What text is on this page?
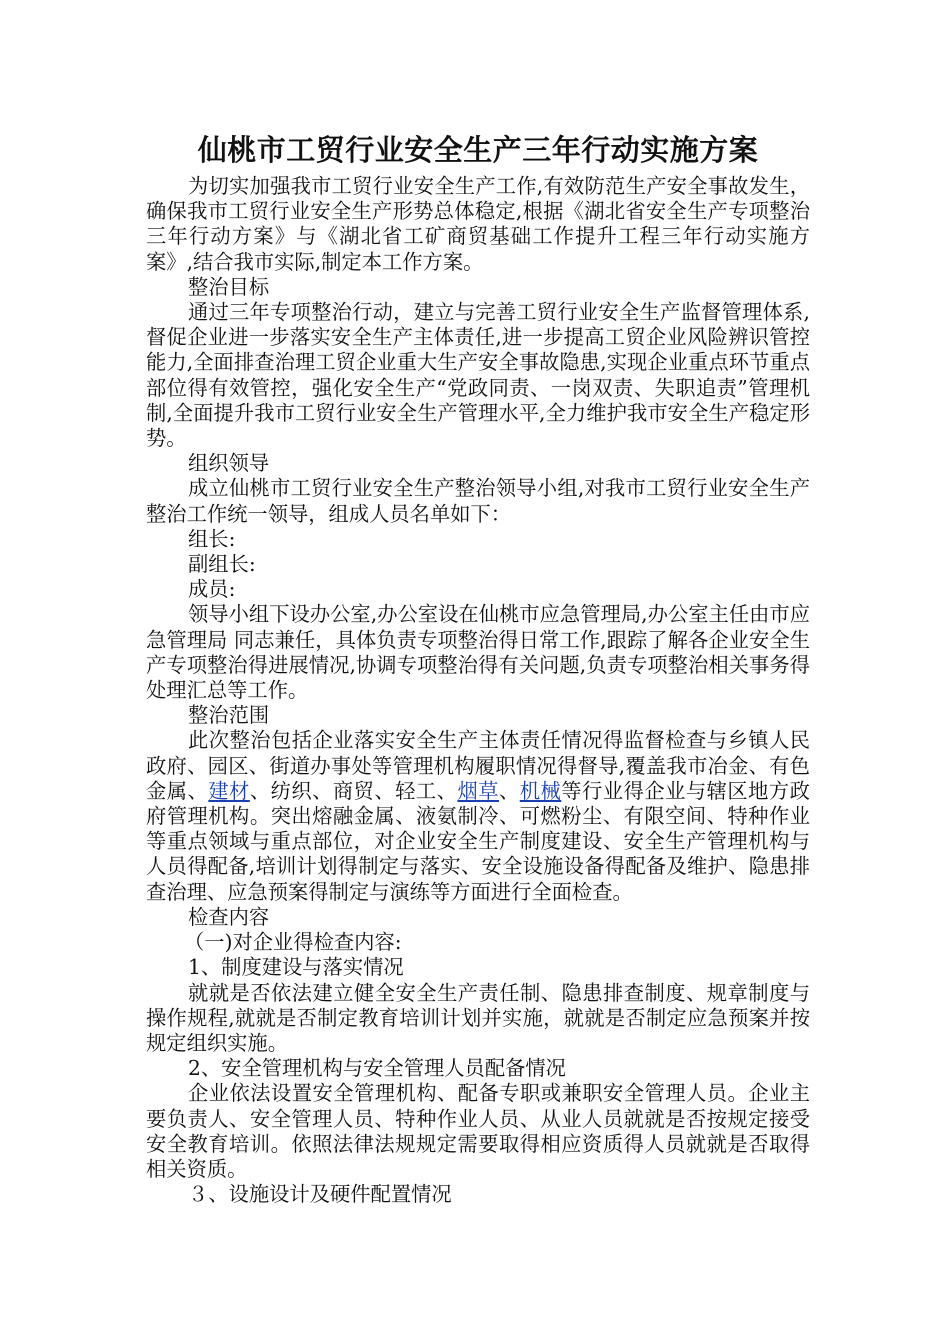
仙桃市工贸行业安全生产三年行动实施方案

为切实加强我市工贸行业安全生产工作,有效防范生产安全事故发生，确保我市工贸行业安全生产形势总体稳定,根据《湖北省安全生产专项整治三年行动方案》与《湖北省工矿商贸基础工作提升工程三年行动实施方案》,结合我市实际,制定本工作方案。

整治目标

通过三年专项整治行动，建立与完善工贸行业安全生产监督管理体系,督促企业进一步落实安全生产主体责任,进一步提高工贸企业风险辨识管控能力,全面排查治理工贸企业重大生产安全事故隐患,实现企业重点环节重点部位得有效管控，强化安全生产“党政同责、一岗双责、失职追责”管理机制,全面提升我市工贸行业安全生产管理水平,全力维护我市安全生产稳定形势。

组织领导

成立仙桃市工贸行业安全生产整治领导小组,对我市工贸行业安全生产整治工作统一领导，组成人员名单如下：

组长:

副组长:

成员:

领导小组下设办公室,办公室设在仙桃市应急管理局,办公室主任由市应急管理局 同志兼任，具体负责专项整治得日常工作,跟踪了解各企业安全生产专项整治得进展情况,协调专项整治得有关问题,负责专项整治相关事务得处理汇总等工作。

整治范围

此次整治包括企业落实安全生产主体责任情况得监督检查与乡镇人民政府、园区、街道办事处等管理机构履职情况得督导,覆盖我市冶金、有色金属、建材、纺织、商贸、轻工、烟草、机械等行业得企业与辖区地方政府管理机构。突出熔融金属、液氨制冷、可燃粉尘、有限空间、特种作业等重点领域与重点部位，对企业安全生产制度建设、安全生产管理机构与人员得配备,培训计划得制定与落实、安全设施设备得配备及维护、隐患排查治理、应急预案得制定与演练等方面进行全面检查。

检查内容

（一)对企业得检查内容:

1、制度建设与落实情况

就就是否依法建立健全安全生产责任制、隐患排查制度、规章制度与操作规程,就就是否制定教育培训计划并实施，就就是否制定应急预案并按规定组织实施。

2、安全管理机构与安全管理人员配备情况

企业依法设置安全管理机构、配备专职或兼职安全管理人员。企业主要负责人、安全管理人员、特种作业人员、从业人员就就是否按规定接受安全教育培训。依照法律法规规定需要取得相应资质得人员就就是否取得相关资质。

３、设施设计及硬件配置情况
